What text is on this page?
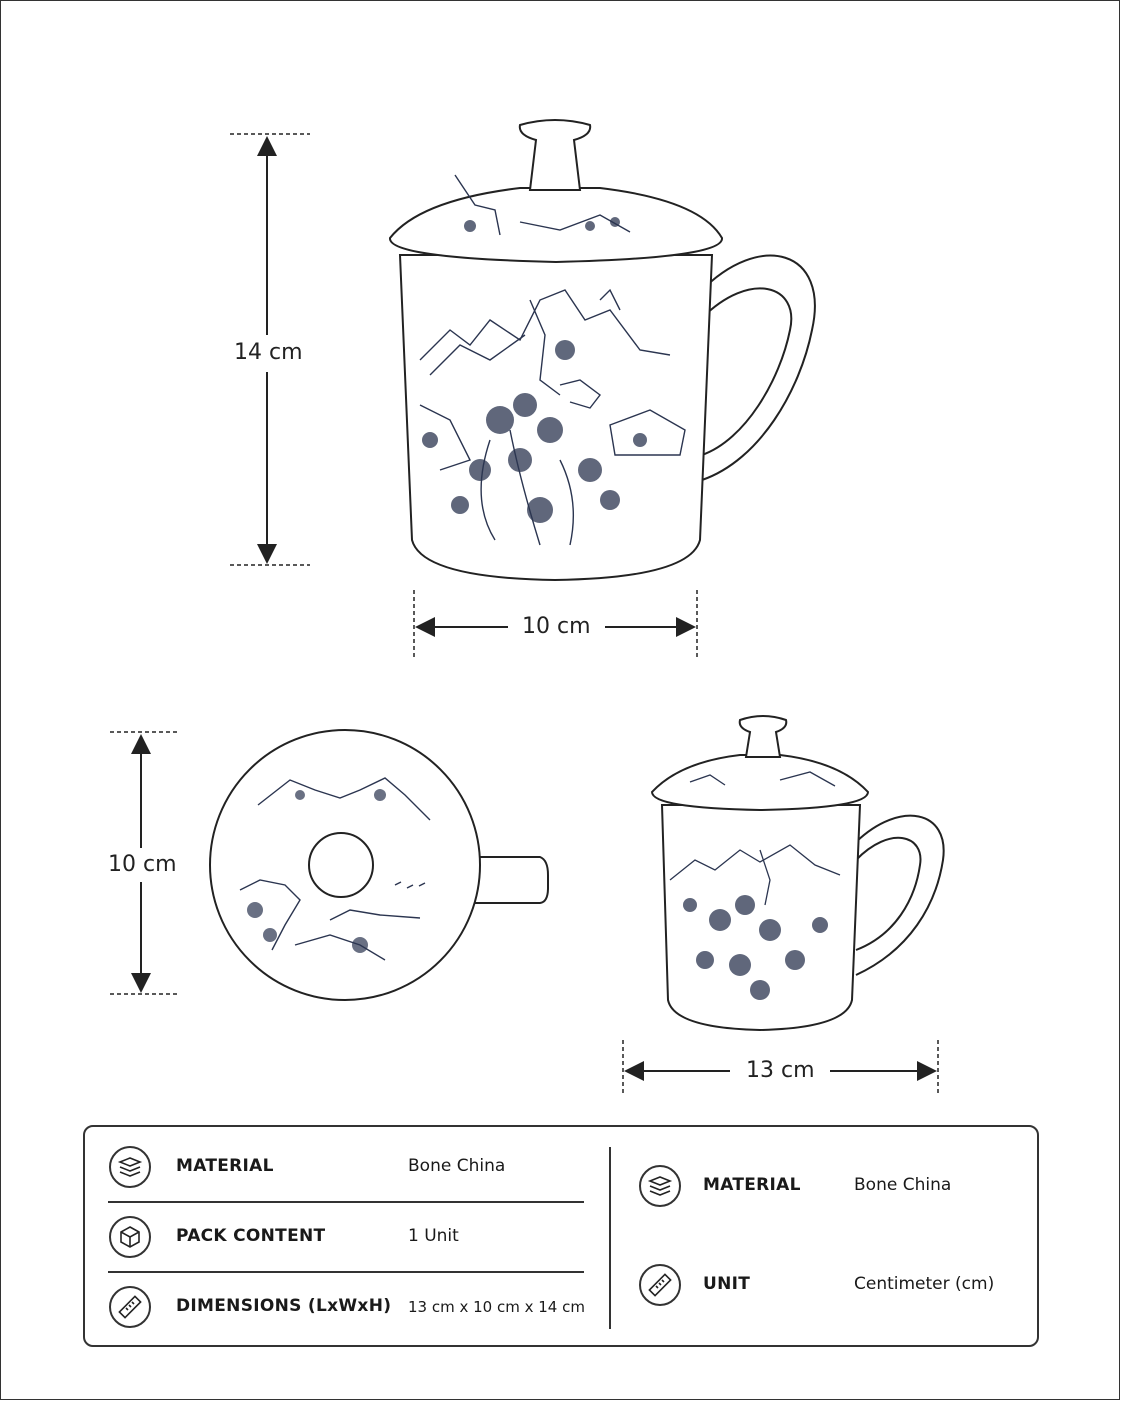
14 cm
10 cm
10 cm
13 cm
MATERIAL	Bone China
PACK CONTENT	1 Unit
DIMENSIONS (LxWxH) 13 cm x 10 cm x 14 cm
MATERIAL	Bone China
UNIT	Centimeter (cm)
